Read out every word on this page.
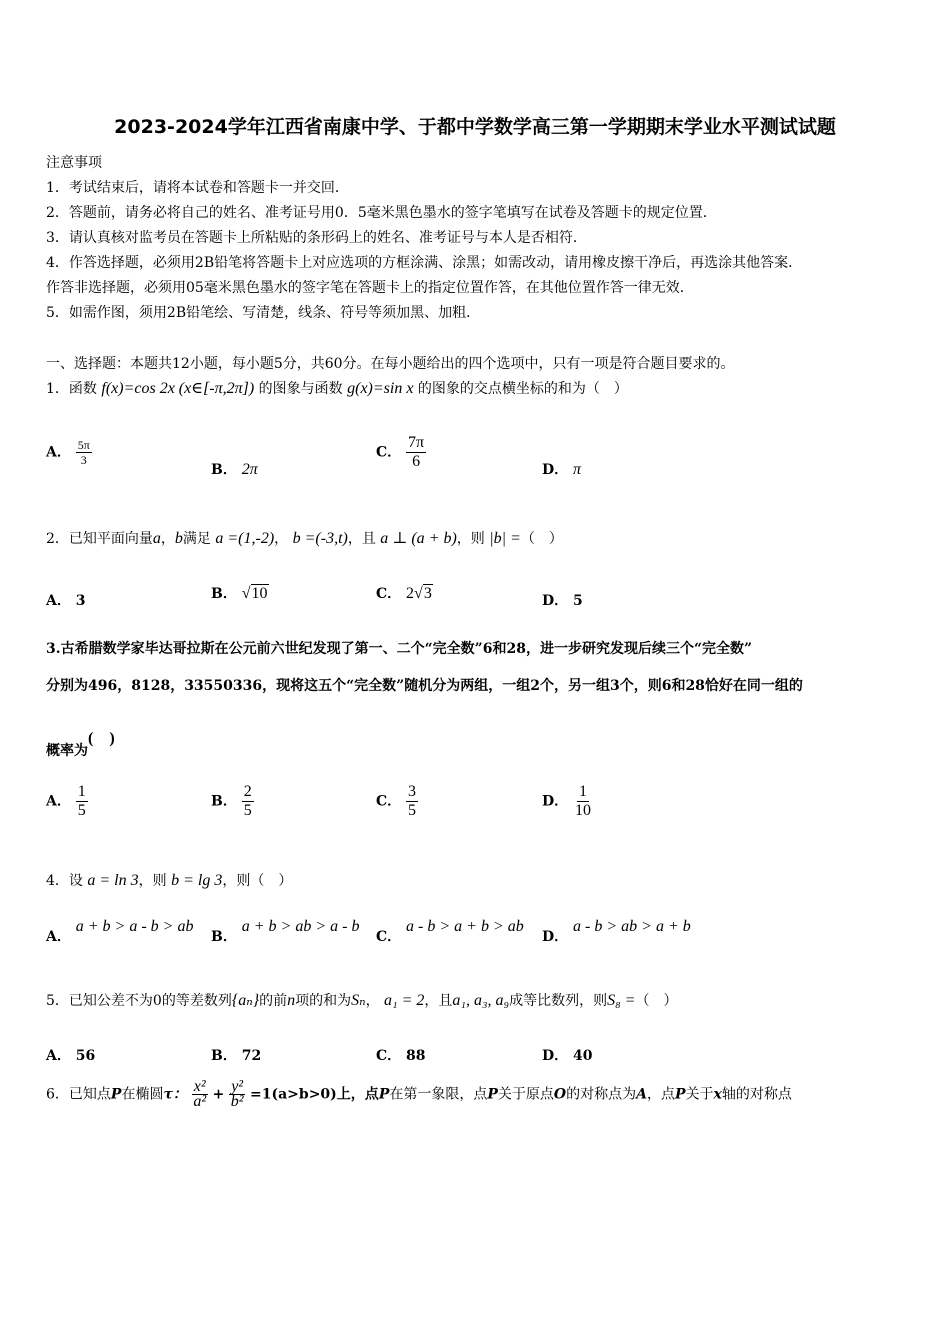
2023-2024学年江西省南康中学、于都中学数学高三第一学期期末学业水平测试试题
注意事项
1．考试结束后，请将本试卷和答题卡一并交回．
2．答题前，请务必将自己的姓名、准考证号用0．5毫米黑色墨水的签字笔填写在试卷及答题卡的规定位置．
3．请认真核对监考员在答题卡上所粘贴的条形码上的姓名、准考证号与本人是否相符．
4．作答选择题，必须用2B铅笔将答题卡上对应选项的方框涂满、涂黑；如需改动，请用橡皮擦干净后，再选涂其他答案．
作答非选择题，必须用05毫米黑色墨水的签字笔在答题卡上的指定位置作答，在其他位置作答一律无效．
5．如需作图，须用2B铅笔绘、写清楚，线条、符号等须加黑、加粗．
一、选择题：本题共12小题，每小题5分，共60分。在每小题给出的四个选项中，只有一项是符合题目要求的。
1．函数 f(x)=cos 2x (x∈[-π,2π]) 的图象与函数 g(x)=sin x 的图象的交点横坐标的和为（　）
A． $\frac{5\pi}{3}$
B． 2π
C． $\frac{7\pi}{6}$	D． π
2．已知平面向量a，b满足 a =(1,-2)， b =(-3,t)，且 a ⊥ (a + b)，则 |b| =（　）
A． 3	B． √10	C． 2√3	D． 5
3.古希腊数学家毕达哥拉斯在公元前六世纪发现了第一、二个“完全数”6和28，进一步研究发现后续三个“完全数”
分别为496，8128，33550336，现将这五个“完全数”随机分为两组，一组2个，另一组3个，则6和28恰好在同一组的
概率为(　)
A． $\frac{1}{5}$	B． $\frac{2}{5}$	C． $\frac{3}{5}$	D． $\frac{1}{10}$
4．设 a = ln 3，则 b = lg 3，则（　）
A． a + b > a - b > ab
B． a + b > ab > a - b
C． a - b > a + b > ab
D． a - b > ab > a + b
5．已知公差不为0的等差数列{aₙ}的前n项的和为Sₙ， a₁ = 2，且a₁, a₃, a₉成等比数列，则S₈ =（　）
A． 56	B． 72	C． 88	D． 40
6．已知点P在椭圆τ： $\frac{\text{x²}}{\text{a²}} + \frac{\text{y²}}{\text{b²}} =1(a>b>0)$上，点P在第一象限，点P关于原点O的对称点为A，点P关于x轴的对称点
